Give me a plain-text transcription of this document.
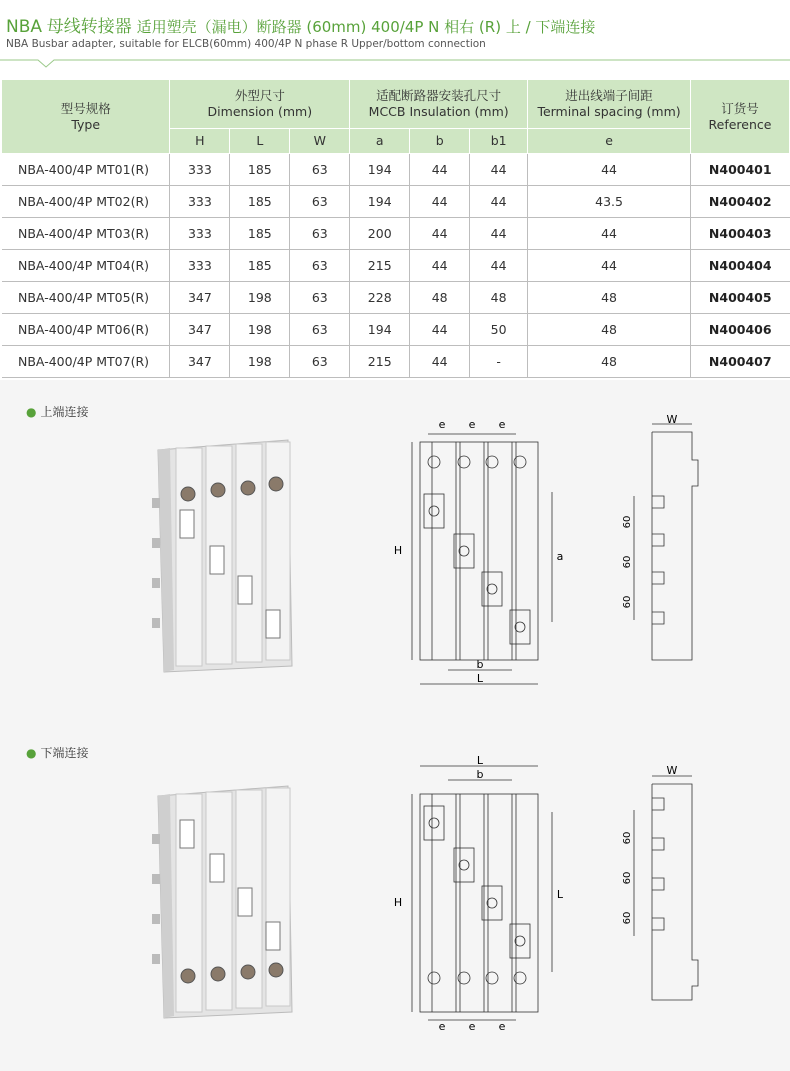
NBA 母线转接器 适用塑壳（漏电）断路器 (60mm) 400/4P N 相右 (R) 上 / 下端连接
NBA Busbar adapter, suitable for ELCB(60mm) 400/4P N phase R Upper/bottom connection
型号规格
Type	外型尺寸
Dimension (mm)			适配断路器安装孔尺寸
MCCB Insulation (mm)			进出线端子间距
Terminal spacing (mm)	订货号
Reference
	H	L	W	a	b	b1	e	
NBA-400/4P MT01(R)	333	185	63	194	44	44	44	N400401
NBA-400/4P MT02(R)	333	185	63	194	44	44	43.5	N400402
NBA-400/4P MT03(R)	333	185	63	200	44	44	44	N400403
NBA-400/4P MT04(R)	333	185	63	215	44	44	44	N400404
NBA-400/4P MT05(R)	347	198	63	228	48	48	48	N400405
NBA-400/4P MT06(R)	347	198	63	194	44	50	48	N400406
NBA-400/4P MT07(R)	347	198	63	215	44	-	48	N400407
● 上端连接
● 下端连接
e e e
H	a
b
L
W
60
60
60
L
b
H
L
e e e
W
60
60
60
